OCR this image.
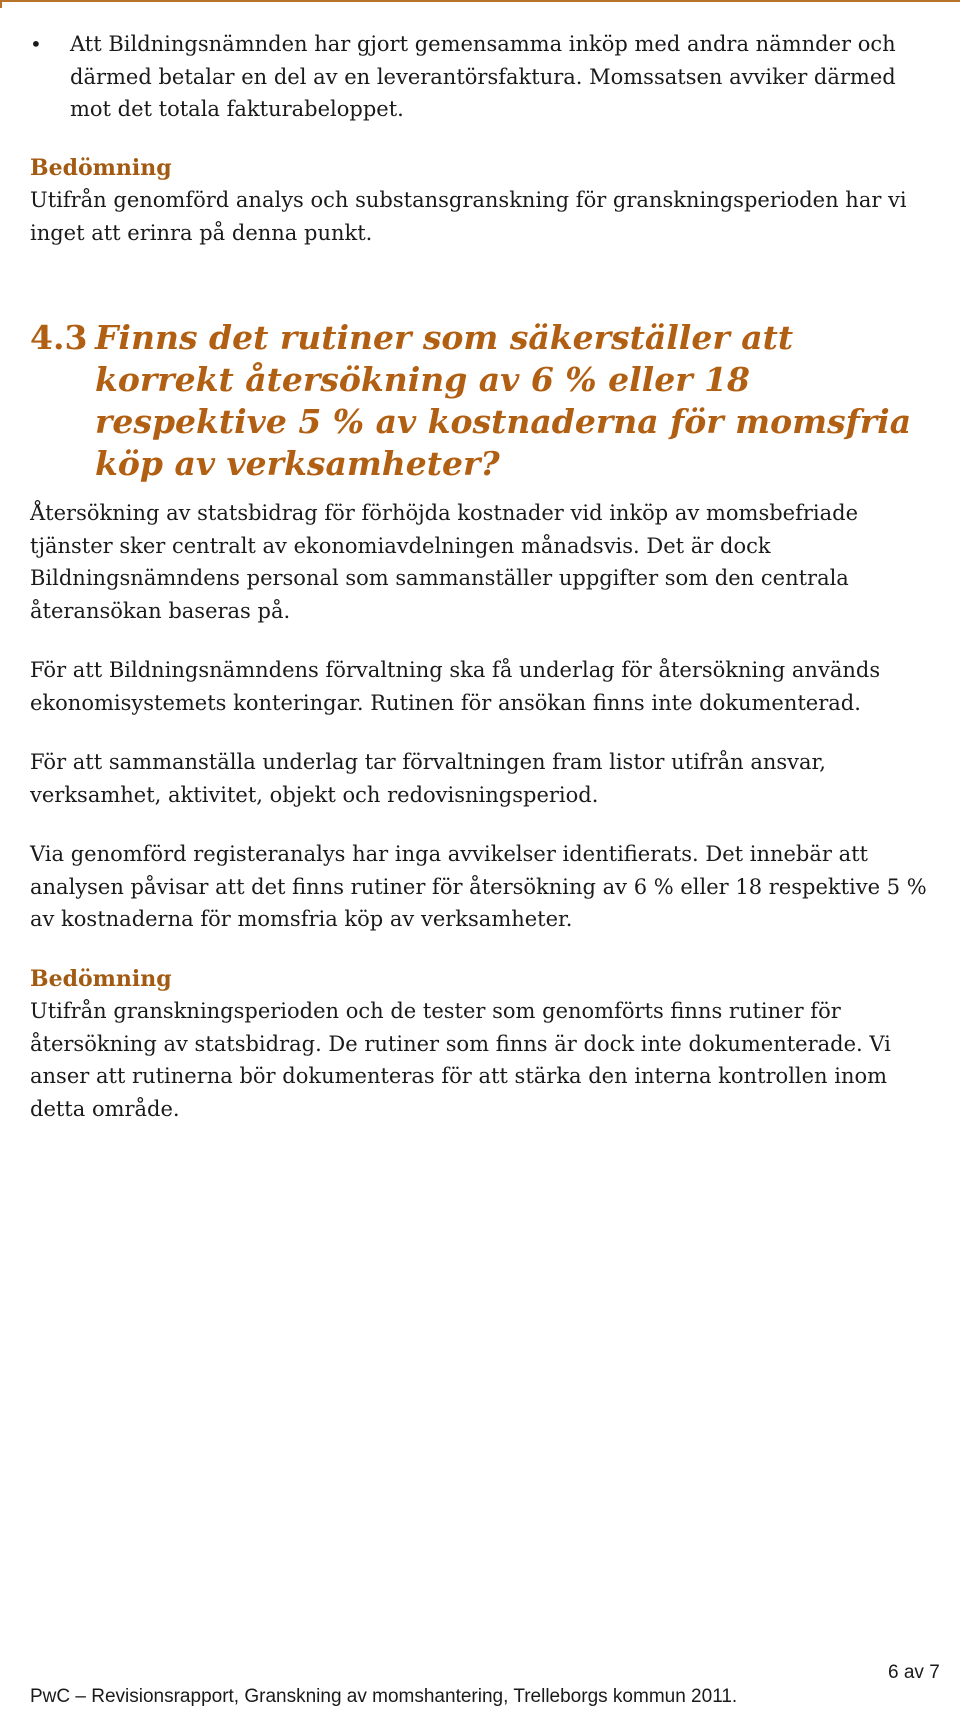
•	Att Bildningsnämnden har gjort gemensamma inköp med andra nämnder och därmed betalar en del av en leverantörsfaktura. Momssatsen avviker därmed mot det totala fakturabeloppet.

Bedömning

Utifrån genomförd analys och substansgranskning för granskningsperioden har vi inget att erinra på denna punkt.

4.3 Finns det rutiner som säkerställer att korrekt återsökning av 6 % eller 18 respektive 5 % av kostnaderna för momsfria köp av verksamheter?

Återsökning av statsbidrag för förhöjda kostnader vid inköp av momsbefriade tjänster sker centralt av ekonomiavdelningen månadsvis. Det är dock Bildningsnämndens personal som sammanställer uppgifter som den centrala återansökan baseras på.

För att Bildningsnämndens förvaltning ska få underlag för återsökning används ekonomisystemets konteringar. Rutinen för ansökan finns inte dokumenterad.

För att sammanställa underlag tar förvaltningen fram listor utifrån ansvar, verksamhet, aktivitet, objekt och redovisningsperiod.

Via genomförd registeranalys har inga avvikelser identifierats. Det innebär att analysen påvisar att det finns rutiner för återsökning av 6 % eller 18 respektive 5 % av kostnaderna för momsfria köp av verksamheter.

Bedömning

Utifrån granskningsperioden och de tester som genomförts finns rutiner för återsökning av statsbidrag. De rutiner som finns är dock inte dokumenterade. Vi anser att rutinerna bör dokumenteras för att stärka den interna kontrollen inom detta område.

6 av 7
PwC – Revisionsrapport, Granskning av momshantering, Trelleborgs kommun 2011.
